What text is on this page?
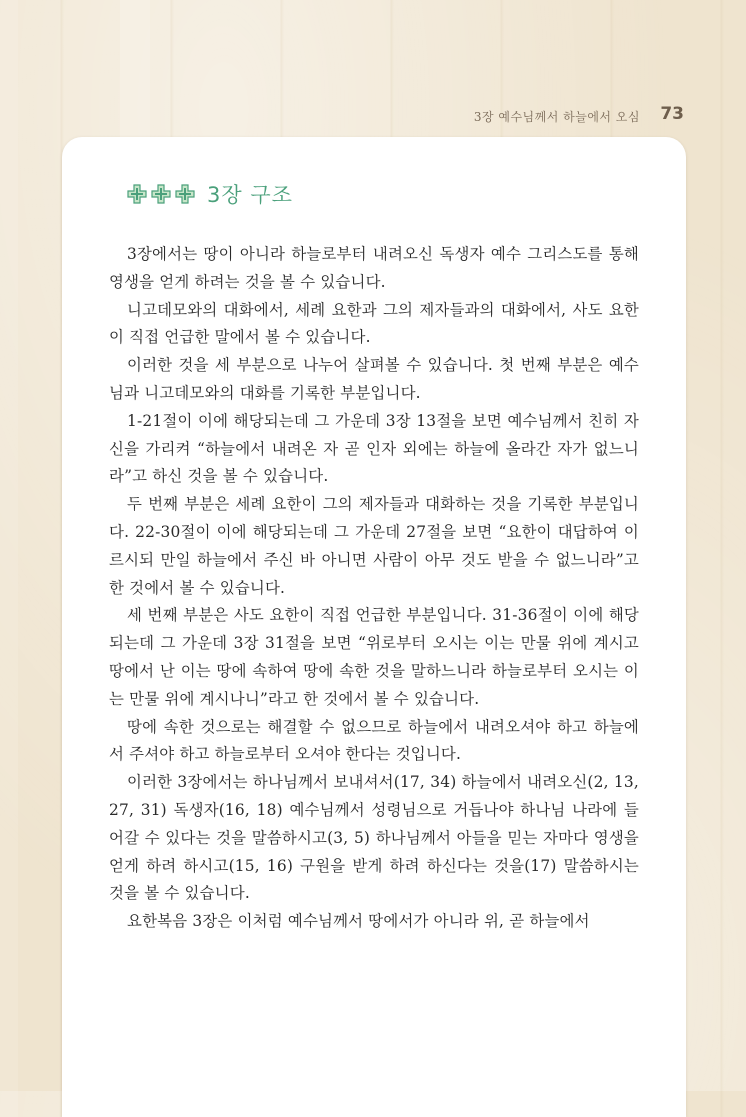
3장 예수님께서 하늘에서 오심 73
3장 구조

3장에서는 땅이 아니라 하늘로부터 내려오신 독생자 예수 그리스도를 통해 영생을 얻게 하려는 것을 볼 수 있습니다.

니고데모와의 대화에서, 세례 요한과 그의 제자들과의 대화에서, 사도 요한이 직접 언급한 말에서 볼 수 있습니다.

이러한 것을 세 부분으로 나누어 살펴볼 수 있습니다. 첫 번째 부분은 예수님과 니고데모와의 대화를 기록한 부분입니다.

1-21절이 이에 해당되는데 그 가운데 3장 13절을 보면 예수님께서 친히 자신을 가리켜 “하늘에서 내려온 자 곧 인자 외에는 하늘에 올라간 자가 없느니라”고 하신 것을 볼 수 있습니다.

두 번째 부분은 세례 요한이 그의 제자들과 대화하는 것을 기록한 부분입니다. 22-30절이 이에 해당되는데 그 가운데 27절을 보면 “요한이 대답하여 이르시되 만일 하늘에서 주신 바 아니면 사람이 아무 것도 받을 수 없느니라”고 한 것에서 볼 수 있습니다.

세 번째 부분은 사도 요한이 직접 언급한 부분입니다. 31-36절이 이에 해당되는데 그 가운데 3장 31절을 보면 “위로부터 오시는 이는 만물 위에 계시고 땅에서 난 이는 땅에 속하여 땅에 속한 것을 말하느니라 하늘로부터 오시는 이는 만물 위에 계시나니”라고 한 것에서 볼 수 있습니다.

땅에 속한 것으로는 해결할 수 없으므로 하늘에서 내려오셔야 하고 하늘에서 주셔야 하고 하늘로부터 오셔야 한다는 것입니다.

이러한 3장에서는 하나님께서 보내셔서(17, 34) 하늘에서 내려오신(2, 13, 27, 31) 독생자(16, 18) 예수님께서 성령님으로 거듭나야 하나님 나라에 들어갈 수 있다는 것을 말씀하시고(3, 5) 하나님께서 아들을 믿는 자마다 영생을 얻게 하려 하시고(15, 16) 구원을 받게 하려 하신다는 것을(17) 말씀하시는 것을 볼 수 있습니다.

요한복음 3장은 이처럼 예수님께서 땅에서가 아니라 위, 곧 하늘에서
